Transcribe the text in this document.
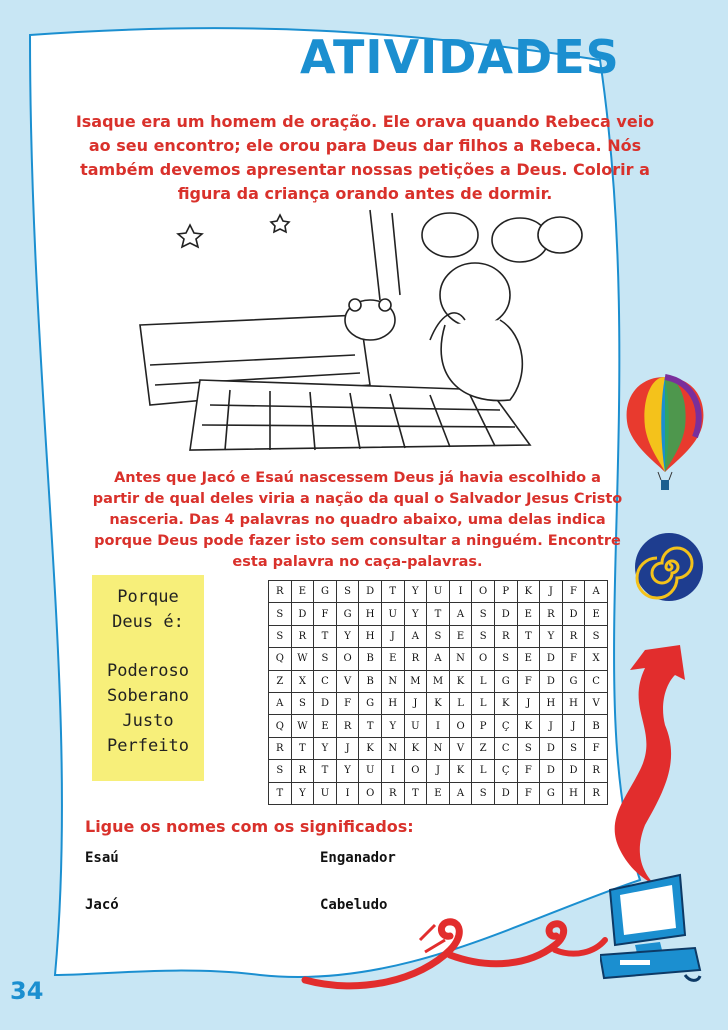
ATIVIDADES
Isaque era um homem de oração. Ele orava quando Rebeca veio
ao seu encontro; ele orou para Deus dar filhos a Rebeca. Nós
também devemos apresentar nossas petições a Deus. Colorir a
figura da criança orando antes de dormir.
Antes que Jacó e Esaú nascessem Deus já havia escolhido a
partir de qual deles viria a nação da qual o Salvador Jesus Cristo
nasceria. Das 4 palavras no quadro abaixo, uma delas indica
porque Deus pode fazer isto sem consultar a ninguém. Encontre
esta palavra no caça-palavras.
Porque
Deus é:
Poderoso
Soberano
Justo
Perfeito
R	E	G	S	D	T	Y	U	I	O	P	K	J	F	A
S	D	F	G	H	U	Y	T	A	S	D	E	R	D	E
S	R	T	Y	H	J	A	S	E	S	R	T	Y	R	S
Q	W	S	O	B	E	R	A	N	O	S	E	D	F	X
Z	X	C	V	B	N	M	M	K	L	G	F	D	G	C
A	S	D	F	G	H	J	K	L	L	K	J	H	H	V
Q	W	E	R	T	Y	U	I	O	P	Ç	K	J	J	B
R	T	Y	J	K	N	K	N	V	Z	C	S	D	S	F
S	R	T	Y	U	I	O	J	K	L	Ç	F	D	D	R
T	Y	U	I	O	R	T	E	A	S	D	F	G	H	R
Ligue os nomes com os significados:
Esaú
Jacó
Enganador
Cabeludo
34
